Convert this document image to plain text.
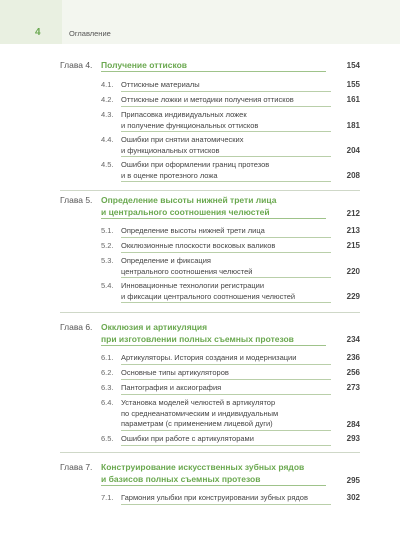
4	Оглавление
Глава 4. Получение оттисков	154
4.1. Оттискные материалы	155
4.2. Оттискные ложки и методики получения оттисков	161
4.3. Припасовка индивидуальных ложек
и получение функциональных оттисков	181
4.4. Ошибки при снятии анатомических
и функциональных оттисков	204
4.5. Ошибки при оформлении границ протезов
и в оценке протезного ложа	208
Глава 5. Определение высоты нижней трети лица
и центрального соотношения челюстей	212
5.1. Определение высоты нижней трети лица	213
5.2. Окклюзионные плоскости восковых валиков	215
5.3. Определение и фиксация
центрального соотношения челюстей	220
5.4. Инновационные технологии регистрации
и фиксации центрального соотношения челюстей	229
Глава 6. Окклюзия и артикуляция
при изготовлении полных съемных протезов	234
6.1. Артикуляторы. История создания и модернизации	236
6.2. Основные типы артикуляторов	256
6.3. Пантография и аксиография	273
6.4. Установка моделей челюстей в артикулятор
по среднеанатомическим и индивидуальным
параметрам (с применением лицевой дуги)	284
6.5. Ошибки при работе с артикуляторами	293
Глава 7. Конструирование искусственных зубных рядов
и базисов полных съемных протезов	295
7.1. Гармония улыбки при конструировании зубных рядов	302
